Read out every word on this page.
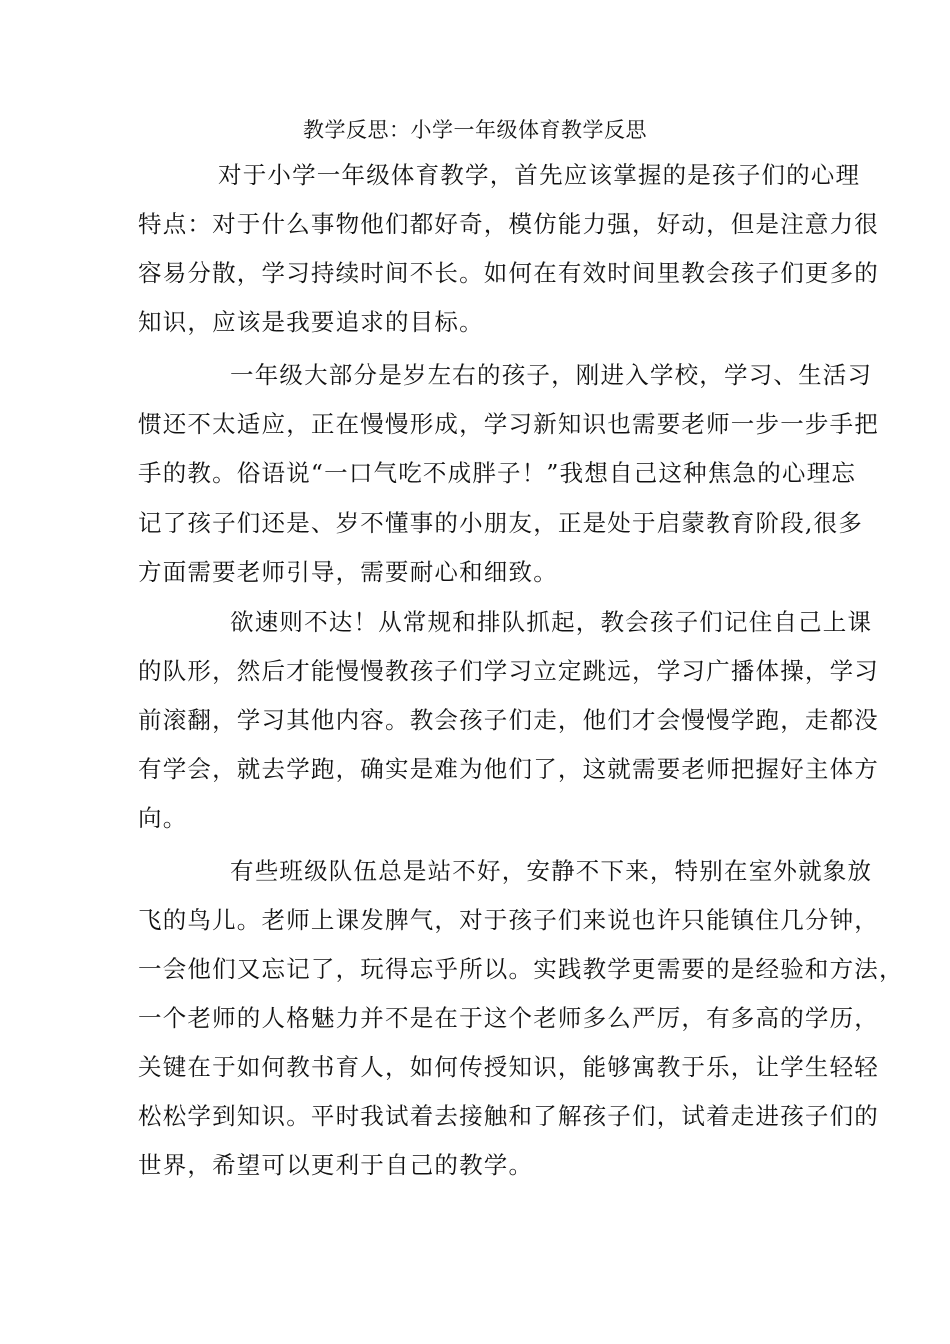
教学反思：小学一年级体育教学反思
对于小学一年级体育教学，首先应该掌握的是孩子们的心理
特点：对于什么事物他们都好奇，模仿能力强，好动，但是注意力很
容易分散，学习持续时间不长。如何在有效时间里教会孩子们更多的
知识，应该是我要追求的目标。
一年级大部分是岁左右的孩子，刚进入学校，学习、生活习
惯还不太适应，正在慢慢形成，学习新知识也需要老师一步一步手把
手的教。俗语说“一口气吃不成胖子！”我想自己这种焦急的心理忘
记了孩子们还是、岁不懂事的小朋友，正是处于启蒙教育阶段,很多
方面需要老师引导，需要耐心和细致。
欲速则不达！从常规和排队抓起，教会孩子们记住自己上课
的队形，然后才能慢慢教孩子们学习立定跳远，学习广播体操，学习
前滚翻，学习其他内容。教会孩子们走，他们才会慢慢学跑，走都没
有学会，就去学跑，确实是难为他们了，这就需要老师把握好主体方
向。
有些班级队伍总是站不好，安静不下来，特别在室外就象放
飞的鸟儿。老师上课发脾气，对于孩子们来说也许只能镇住几分钟，
一会他们又忘记了，玩得忘乎所以。实践教学更需要的是经验和方法，
一个老师的人格魅力并不是在于这个老师多么严厉，有多高的学历，
关键在于如何教书育人，如何传授知识，能够寓教于乐，让学生轻轻
松松学到知识。平时我试着去接触和了解孩子们，试着走进孩子们的
世界，希望可以更利于自己的教学。
